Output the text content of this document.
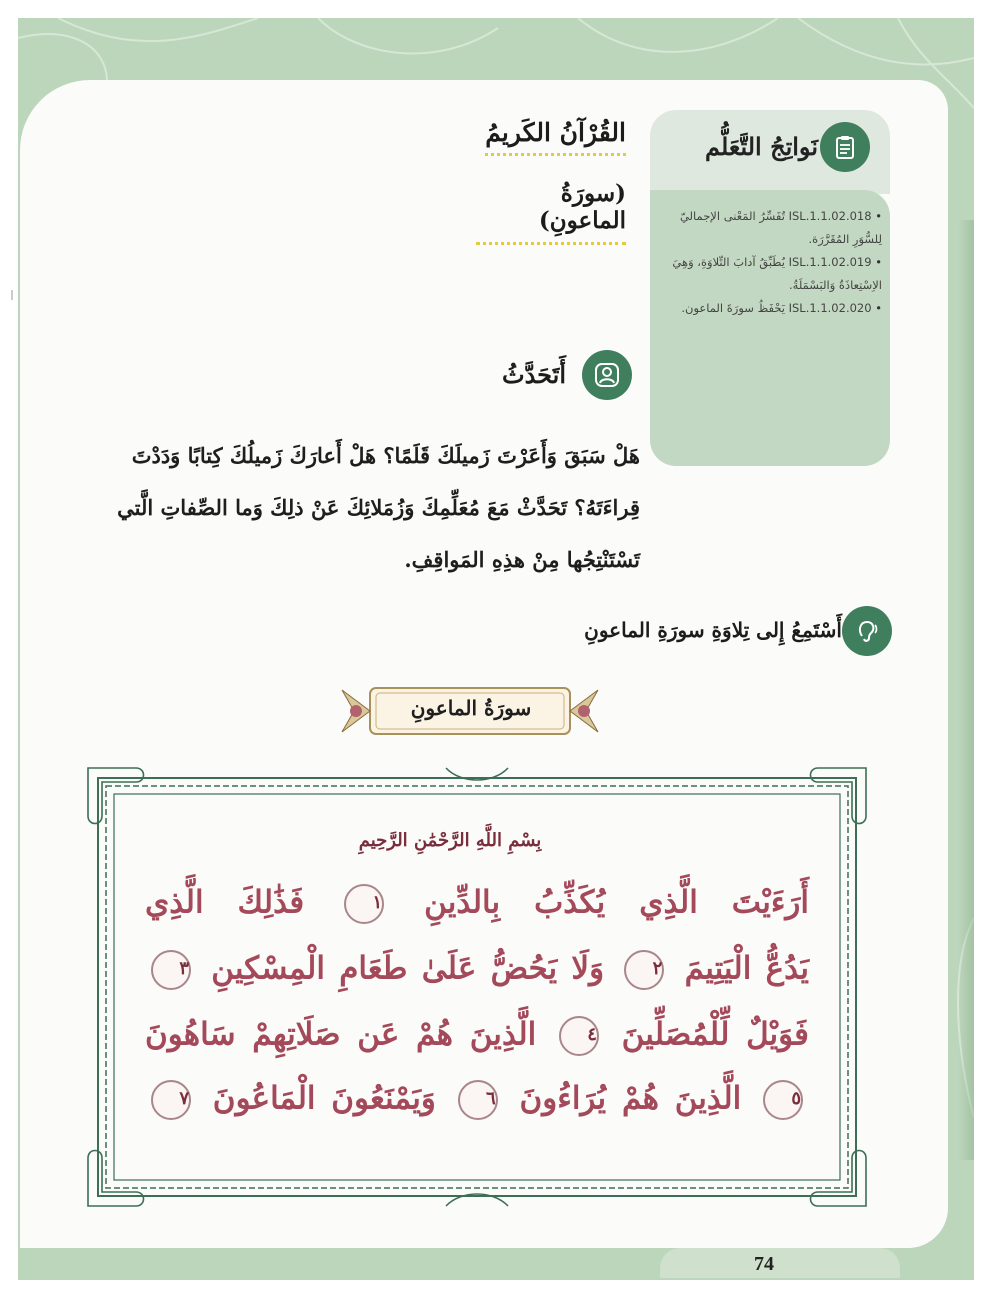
نَواتِجُ التَّعَلُّم
• ISL.1.1.02.018 تُفَسِّرُ المَعْنى الإجماليّ لِلسُّوَرِ المُقَرَّرَة.
• ISL.1.1.02.019 يُطَبِّقُ آدابَ التِّلاوَةِ، وَهِيَ الاِسْتِعاذَةُ وَالبَسْمَلَةُ.
• ISL.1.1.02.020 يَحْفَظُ سورَةَ الماعون.
القُرْآنُ الكَريمُ
(سورَةُ الماعونِ)
أَتَحَدَّثُ

هَلْ سَبَقَ وَأَعَرْتَ زَميلَكَ قَلَمًا؟ هَلْ أَعارَكَ زَميلُكَ كِتابًا وَدَدْتَ قِراءَتَهُ؟ تَحَدَّثْ مَعَ مُعَلِّمِكَ وَزُمَلائِكَ عَنْ ذلِكَ وَما الصِّفاتِ الَّتي تَسْتَنْتِجُها مِنْ هذِهِ المَواقِفِ.

أَسْتَمِعُ إِلى تِلاوَةِ سورَةِ الماعونِ
سورَةُ الماعونِ
بِسْمِ اللَّهِ الرَّحْمَٰنِ الرَّحِيمِ
أَرَءَيْتَ الَّذِي يُكَذِّبُ بِالدِّينِ ١ فَذَٰلِكَ الَّذِي
يَدُعُّ الْيَتِيمَ ٢ وَلَا يَحُضُّ عَلَىٰ طَعَامِ الْمِسْكِينِ ٣
فَوَيْلٌ لِّلْمُصَلِّينَ ٤ الَّذِينَ هُمْ عَن صَلَاتِهِمْ سَاهُونَ
٥ الَّذِينَ هُمْ يُرَاءُونَ ٦ وَيَمْنَعُونَ الْمَاعُونَ ٧
74
